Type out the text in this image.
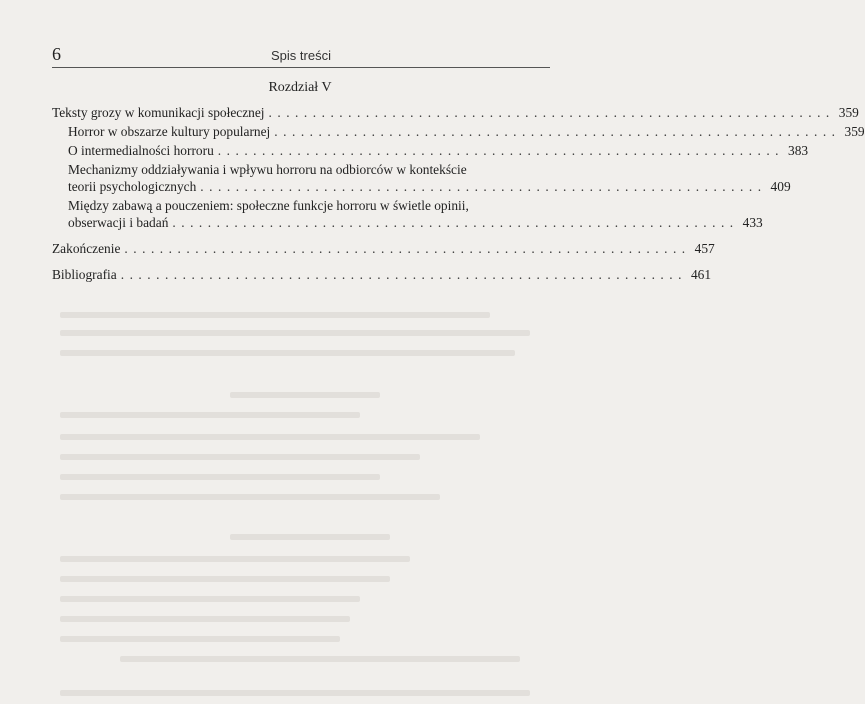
6	Spis treści
Rozdział V
Teksty grozy w komunikacji społecznej ................................................................ 359
Horror w obszarze kultury popularnej ................................................................ 359
O intermedialności horroru ................................................................ 383
Mechanizmy oddziaływania i wpływu horroru na odbiorców w kontekście
teorii psychologicznych ................................................................ 409
Między zabawą a pouczeniem: społeczne funkcje horroru w świetle opinii,
obserwacji i badań ................................................................ 433
Zakończenie ................................................................ 457
Bibliografia ................................................................ 461
